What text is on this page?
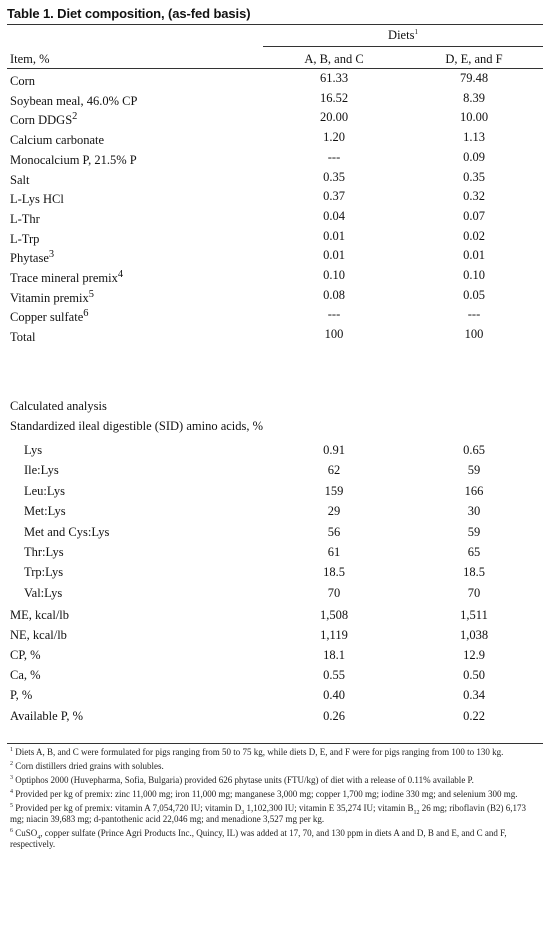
Table 1. Diet composition, (as-fed basis)
Diets$^1$
Item, %	A, B, and C	D, E, and F
Corn	61.33	79.48
Soybean meal, 46.0% CP	16.52	8.39
Corn DDGS$^2$	20.00	10.00
Calcium carbonate	1.20	1.13
Monocalcium P, 21.5% P	---	0.09
Salt	0.35	0.35
L-Lys HCl	0.37	0.32
L-Thr	0.04	0.07
L-Trp	0.01	0.02
Phytase$^3$	0.01	0.01
Trace mineral premix$^4$	0.10	0.10
Vitamin premix$^5$	0.08	0.05
Copper sulfate$^6$	---	---
Total	100	100
Calculated analysis
Standardized ileal digestible (SID) amino acids, %
Lys	0.91	0.65
Ile:Lys	62	59
Leu:Lys	159	166
Met:Lys	29	30
Met and Cys:Lys	56	59
Thr:Lys	61	65
Trp:Lys	18.5	18.5
Val:Lys	70	70
ME, kcal/lb	1,508	1,511
NE, kcal/lb	1,119	1,038
CP, %	18.1	12.9
Ca, %	0.55	0.50
P, %	0.40	0.34
Available P, %	0.26	0.22
$^1$ Diets A, B, and C were formulated for pigs ranging from 50 to 75 kg, while diets D, E, and F were for pigs ranging from 100 to 130 kg.
$^2$ Corn distillers dried grains with solubles.
$^3$ Optiphos 2000 (Huvepharma, Sofia, Bulgaria) provided 626 phytase units (FTU/kg) of diet with a release of 0.11% available P.
$^4$ Provided per kg of premix: zinc 11,000 mg; iron 11,000 mg; manganese 3,000 mg; copper 1,700 mg; iodine 330 mg; and selenium 300 mg.
$^5$ Provided per kg of premix: vitamin A 7,054,720 IU; vitamin $D_3$ 1,102,300 IU; vitamin E 35,274 IU; vitamin $B_{12}$ 26 mg; riboflavin (B2) 6,173 mg; niacin 39,683 mg; d-pantothenic acid 22,046 mg; and menadione 3,527 mg per kg.
$^6$ CuSO$_4$, copper sulfate (Prince Agri Products Inc., Quincy, IL) was added at 17, 70, and 130 ppm in diets A and D, B and E, and C and F, respectively.
